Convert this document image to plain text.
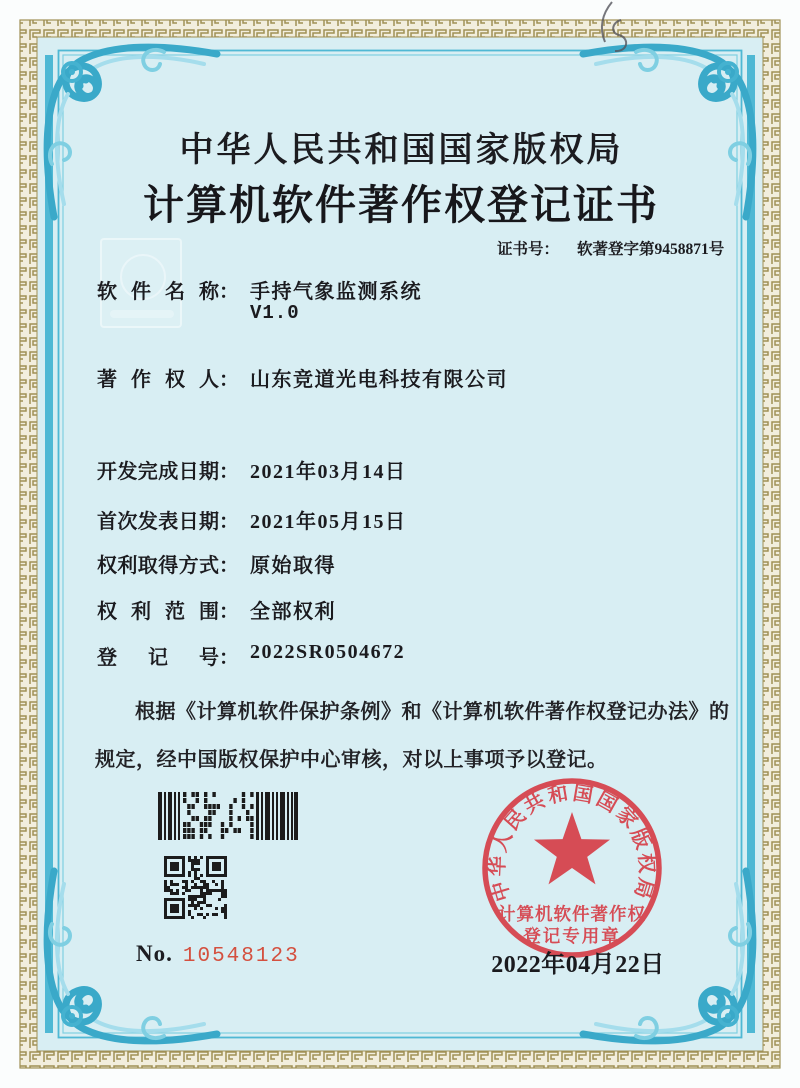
中华人民共和国国家版权局
计算机软件著作权登记证书
证书号： 软著登字第9458871号
软件名称： 手持气象监测系统
V1.0
著作权人： 山东竞道光电科技有限公司
开发完成日期： 2021年03月14日
首次发表日期： 2021年05月15日
权利取得方式： 原始取得
权利范围： 全部权利
登记号： 2022SR0504672
根据《计算机软件保护条例》和《计算机软件著作权登记办法》的
规定，经中国版权保护中心审核，对以上事项予以登记。
No. 10548123
中华人民共和国国家版权局
计算机软件著作权
登记专用章
2022年04月22日
